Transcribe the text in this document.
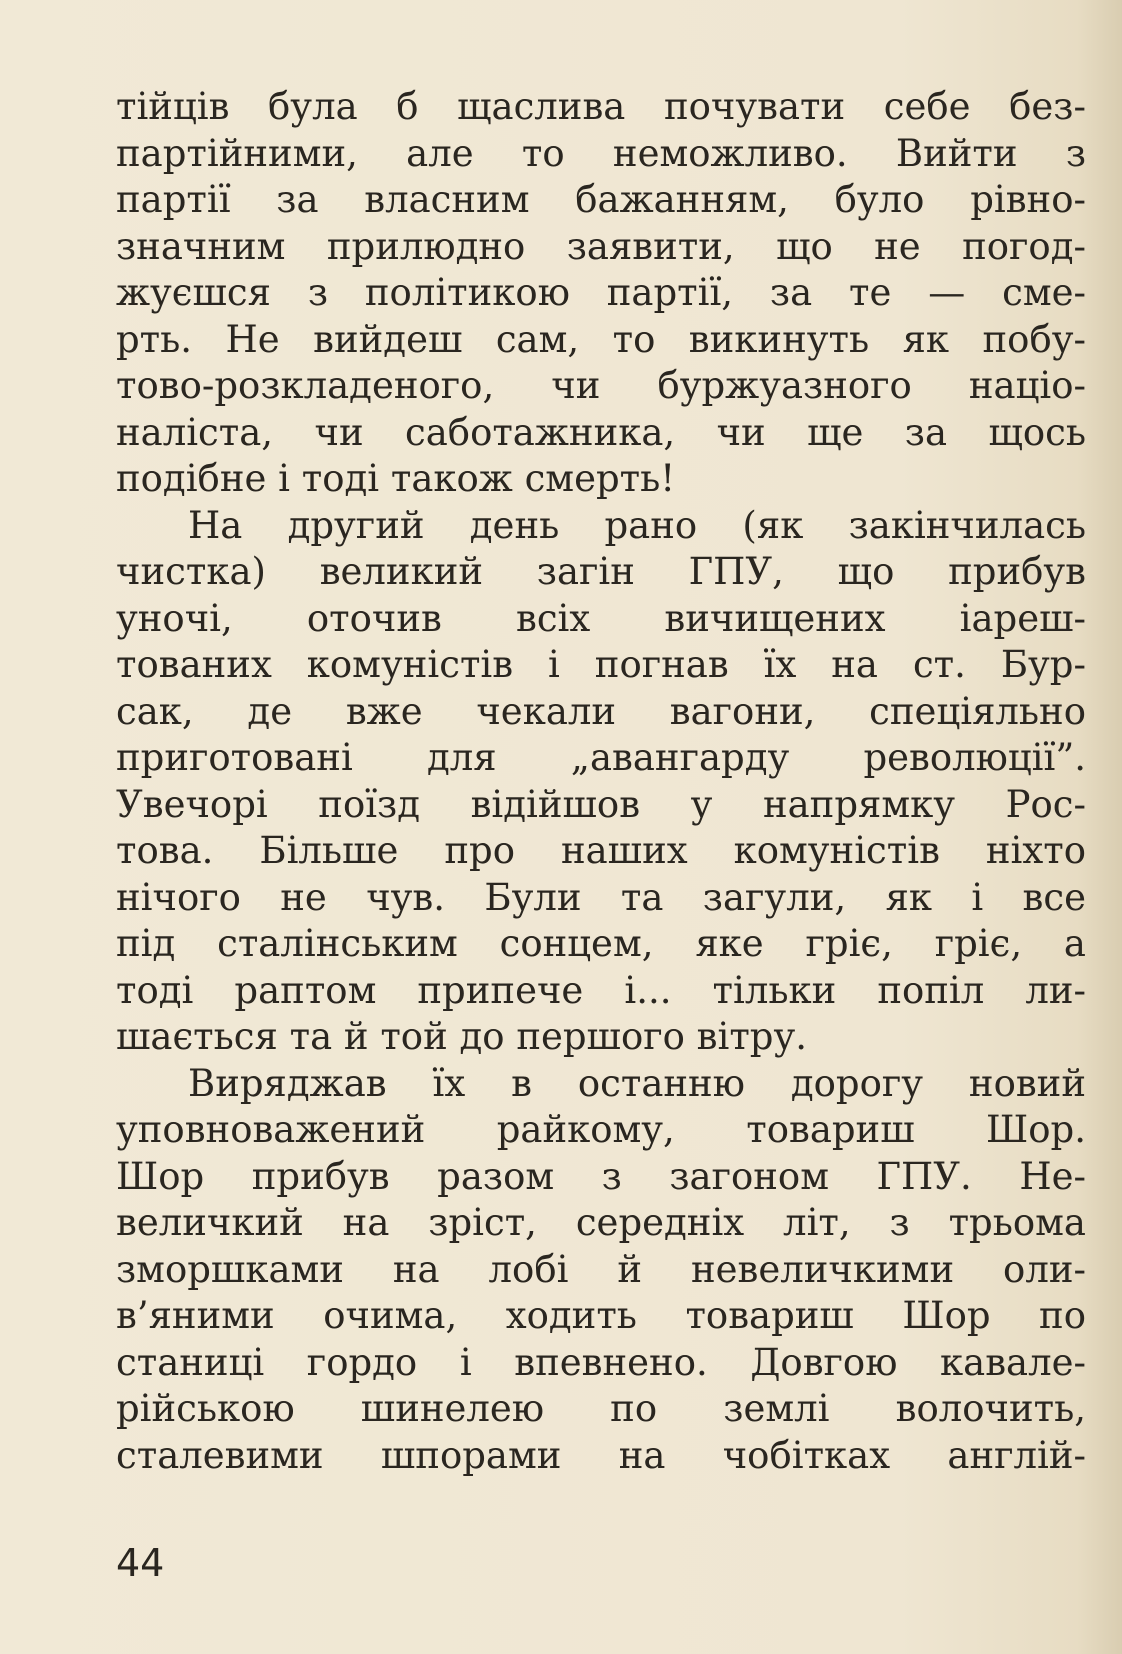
тійців була б щаслива почувати себе без-
партійними, але то неможливо. Вийти з
партії за власним бажанням, було рівно-
значним прилюдно заявити, що не погод-
жуєшся з політикою партії, за те — сме-
рть. Не вийдеш сам, то викинуть як побу-
тово-розкладеного, чи буржуазного націо-
наліста, чи саботажника, чи ще за щось
подібне і тоді також смерть!
На другий день рано (як закінчилась
чистка) великий загін ГПУ, що прибув
уночі, оточив всіх вичищених іареш-
тованих комуністів і погнав їх на ст. Бур-
сак, де вже чекали вагони, спеціяльно
приготовані для „авангарду революції”.
Увечорі поїзд відійшов у напрямку Рос-
това. Більше про наших комуністів ніхто
нічого не чув. Були та загули, як і все
під сталінським сонцем, яке гріє, гріє, а
тоді раптом припече і... тільки попіл ли-
шається та й той до першого вітру.
Виряджав їх в останню дорогу новий
уповноважений райкому, товариш Шор.
Шор прибув разом з загоном ГПУ. Не-
величкий на зріст, середніх літ, з трьома
зморшками на лобі й невеличкими оли-
в’яними очима, ходить товариш Шор по
станиці гордо і впевнено. Довгою кавале-
рійською шинелею по землі волочить,
сталевими шпорами на чобітках англій-
44
